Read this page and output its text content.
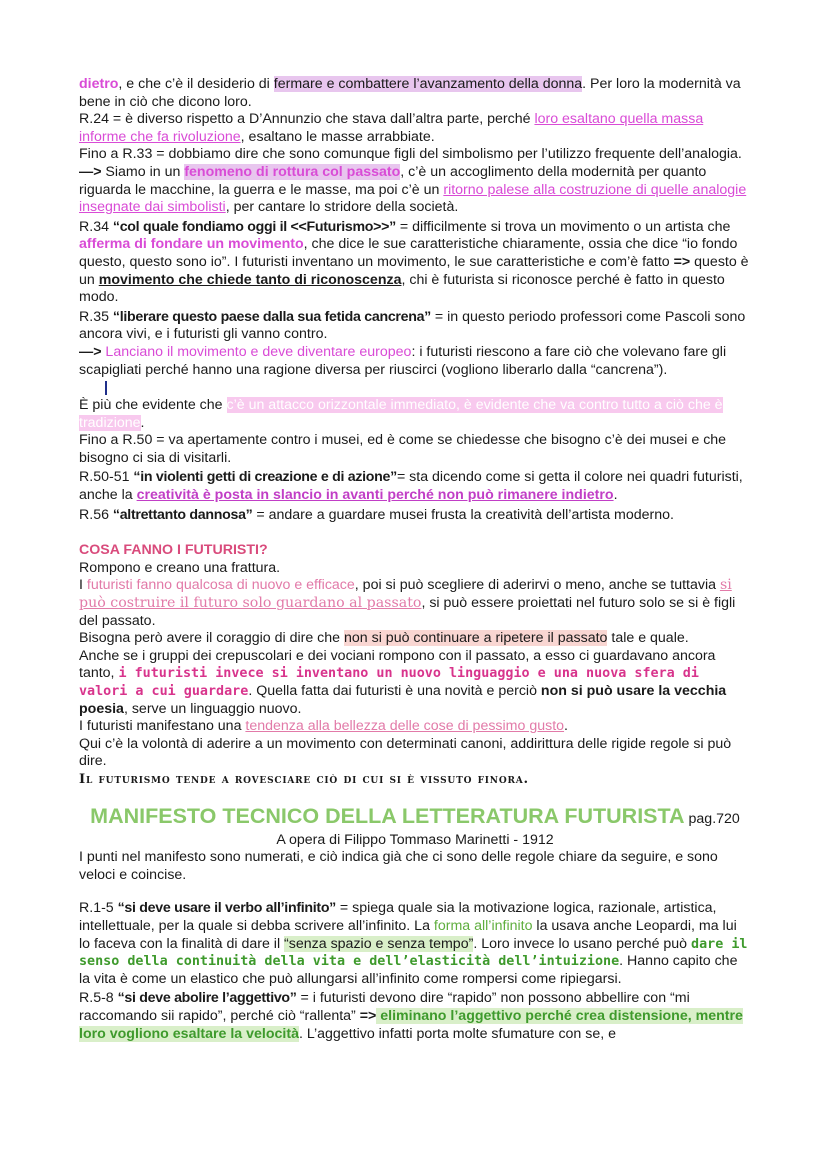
dietro, e che c’è il desiderio di fermare e combattere l’avanzamento della donna. Per loro la modernità va bene in ciò che dicono loro.

R.24 = è diverso rispetto a D’Annunzio che stava dall’altra parte, perché loro esaltano quella massa informe che fa rivoluzione, esaltano le masse arrabbiate.

Fino a R.33 = dobbiamo dire che sono comunque figli del simbolismo per l’utilizzo frequente dell’analogia. —> Siamo in un fenomeno di rottura col passato, c’è un accoglimento della modernità per quanto riguarda le macchine, la guerra e le masse, ma poi c’è un ritorno palese alla costruzione di quelle analogie insegnate dai simbolisti, per cantare lo stridore della società.

R.34 “col quale fondiamo oggi il <<Futurismo>>” = difficilmente si trova un movimento o un artista che afferma di fondare un movimento, che dice le sue caratteristiche chiaramente, ossia che dice “io fondo questo, questo sono io”. I futuristi inventano un movimento, le sue caratteristiche e com’è fatto => questo è un movimento che chiede tanto di riconoscenza, chi è futurista si riconosce perché è fatto in questo modo.

R.35 “liberare questo paese dalla sua fetida cancrena” = in questo periodo professori come Pascoli sono ancora vivi, e i futuristi gli vanno contro.

—> Lanciano il movimento e deve diventare europeo: i futuristi riescono a fare ciò che volevano fare gli scapigliati perché hanno una ragione diversa per riuscirci (vogliono liberarlo dalla “cancrena”).

È più che evidente che c’è un attacco orizzontale immediato, è evidente che va contro tutto a ciò che è tradizione.

Fino a R.50 = va apertamente contro i musei, ed è come se chiedesse che bisogno c’è dei musei e che bisogno ci sia di visitarli.

R.50-51 “in violenti getti di creazione e di azione”= sta dicendo come si getta il colore nei quadri futuristi, anche la creatività è posta in slancio in avanti perché non può rimanere indietro.

R.56 “altrettanto dannosa” = andare a guardare musei frusta la creatività dell’artista moderno.

COSA FANNO I FUTURISTI?

Rompono e creano una frattura.

I futuristi fanno qualcosa di nuovo e efficace, poi si può scegliere di aderirvi o meno, anche se tuttavia si può costruire il futuro solo guardano al passato, si può essere proiettati nel futuro solo se si è figli del passato.

Bisogna però avere il coraggio di dire che non si può continuare a ripetere il passato tale e quale.

Anche se i gruppi dei crepuscolari e dei vociani rompono con il passato, a esso ci guardavano ancora tanto, i futuristi invece si inventano un nuovo linguaggio e una nuova sfera di valori a cui guardare. Quella fatta dai futuristi è una novità e perciò non si può usare la vecchia poesia, serve un linguaggio nuovo.

I futuristi manifestano una tendenza alla bellezza delle cose di pessimo gusto.

Qui c’è la volontà di aderire a un movimento con determinati canoni, addirittura delle rigide regole si può dire.

Il futurismo tende a rovesciare ciò di cui si è vissuto finora.

MANIFESTO TECNICO DELLA LETTERATURA FUTURISTA pag.720

A opera di Filippo Tommaso Marinetti - 1912

I punti nel manifesto sono numerati, e ciò indica già che ci sono delle regole chiare da seguire, e sono veloci e coincise.

R.1-5 “si deve usare il verbo all’infinito” = spiega quale sia la motivazione logica, razionale, artistica, intellettuale, per la quale si debba scrivere all’infinito. La forma all’infinito la usava anche Leopardi, ma lui lo faceva con la finalità di dare il “senza spazio e senza tempo”. Loro invece lo usano perché può dare il senso della continuità della vita e dell’elasticità dell’intuizione. Hanno capito che la vita è come un elastico che può allungarsi all’infinito come rompersi come ripiegarsi.

R.5-8 “si deve abolire l’aggettivo” = i futuristi devono dire “rapido” non possono abbellire con “mi raccomando sii rapido”, perché ciò “rallenta” => eliminano l’aggettivo perché crea distensione, mentre loro vogliono esaltare la velocità. L’aggettivo infatti porta molte sfumature con se, e
